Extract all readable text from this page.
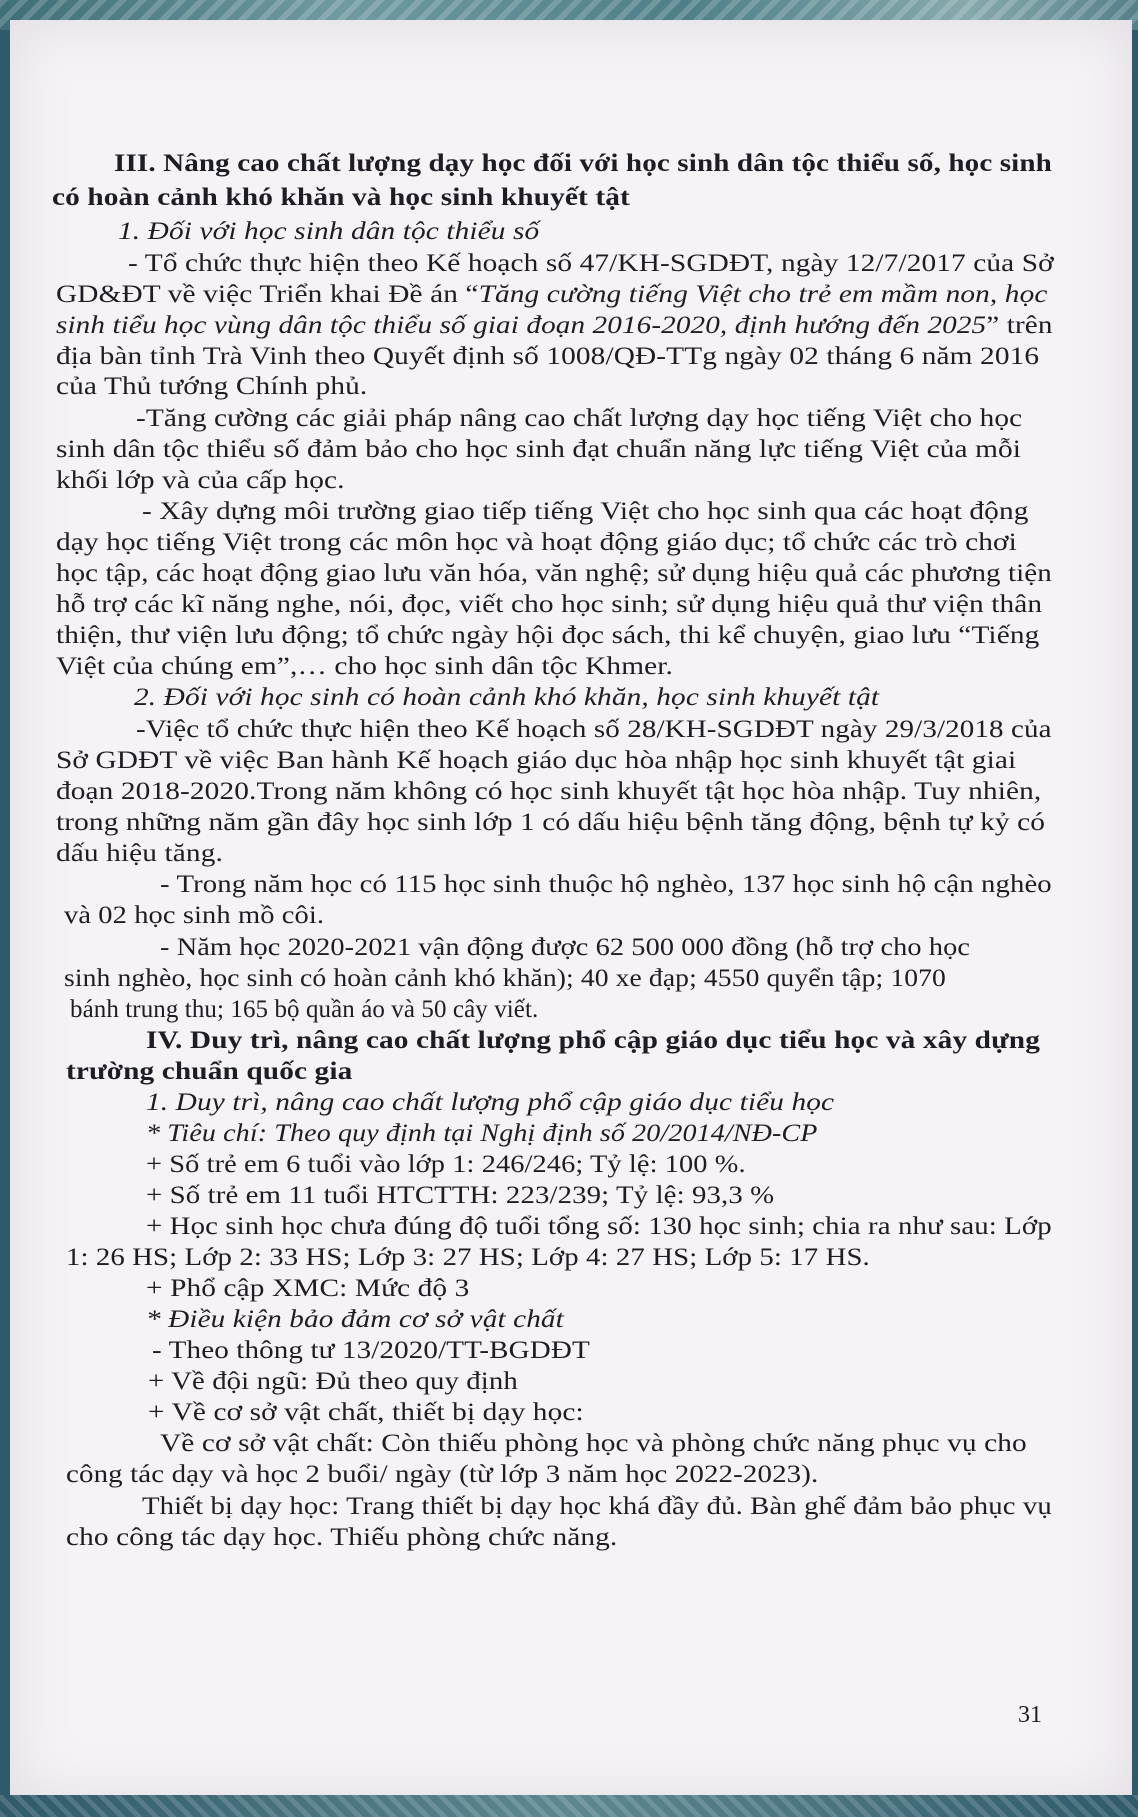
III. Nâng cao chất lượng dạy học đối với học sinh dân tộc thiểu số, học sinh
có hoàn cảnh khó khăn và học sinh khuyết tật
1. Đối với học sinh dân tộc thiểu số
- Tổ chức thực hiện theo Kế hoạch số 47/KH-SGDĐT, ngày 12/7/2017 của Sở
GD&ĐT về việc Triển khai Đề án “Tăng cường tiếng Việt cho trẻ em mầm non, học
sinh tiểu học vùng dân tộc thiểu số giai đoạn 2016-2020, định hướng đến 2025” trên
địa bàn tỉnh Trà Vinh theo Quyết định số 1008/QĐ-TTg ngày 02 tháng 6 năm 2016
của Thủ tướng Chính phủ.
-Tăng cường các giải pháp nâng cao chất lượng dạy học tiếng Việt cho học
sinh dân tộc thiểu số đảm bảo cho học sinh đạt chuẩn năng lực tiếng Việt của mỗi
khối lớp và của cấp học.
- Xây dựng môi trường giao tiếp tiếng Việt cho học sinh qua các hoạt động
dạy học tiếng Việt trong các môn học và hoạt động giáo dục; tổ chức các trò chơi
học tập, các hoạt động giao lưu văn hóa, văn nghệ; sử dụng hiệu quả các phương tiện
hỗ trợ các kĩ năng nghe, nói, đọc, viết cho học sinh; sử dụng hiệu quả thư viện thân
thiện, thư viện lưu động; tổ chức ngày hội đọc sách, thi kể chuyện, giao lưu “Tiếng
Việt của chúng em”,… cho học sinh dân tộc Khmer.
2. Đối với học sinh có hoàn cảnh khó khăn, học sinh khuyết tật
-Việc tổ chức thực hiện theo Kế hoạch số 28/KH-SGDĐT ngày 29/3/2018 của
Sở GDĐT về việc Ban hành Kế hoạch giáo dục hòa nhập học sinh khuyết tật giai
đoạn 2018-2020.Trong năm không có học sinh khuyết tật học hòa nhập. Tuy nhiên,
trong những năm gần đây học sinh lớp 1 có dấu hiệu bệnh tăng động, bệnh tự kỷ có
dấu hiệu tăng.
- Trong năm học có 115 học sinh thuộc hộ nghèo, 137 học sinh hộ cận nghèo
và 02 học sinh mồ côi.
- Năm học 2020-2021 vận động được 62 500 000 đồng (hỗ trợ cho học
sinh nghèo, học sinh có hoàn cảnh khó khăn); 40 xe đạp; 4550 quyển tập; 1070
bánh trung thu; 165 bộ quần áo và 50 cây viết.
IV. Duy trì, nâng cao chất lượng phổ cập giáo dục tiểu học và xây dựng
trường chuẩn quốc gia
1. Duy trì, nâng cao chất lượng phổ cập giáo dục tiểu học
* Tiêu chí: Theo quy định tại Nghị định số 20/2014/NĐ-CP
+ Số trẻ em 6 tuổi vào lớp 1: 246/246; Tỷ lệ: 100 %.
+ Số trẻ em 11 tuổi HTCTTH: 223/239; Tỷ lệ: 93,3 %
+ Học sinh học chưa đúng độ tuổi tổng số: 130 học sinh; chia ra như sau: Lớp
1: 26 HS; Lớp 2: 33 HS; Lớp 3: 27 HS; Lớp 4: 27 HS; Lớp 5: 17 HS.
+ Phổ cập XMC: Mức độ 3
* Điều kiện bảo đảm cơ sở vật chất
- Theo thông tư 13/2020/TT-BGDĐT
+ Về đội ngũ: Đủ theo quy định
+ Về cơ sở vật chất, thiết bị dạy học:
Về cơ sở vật chất: Còn thiếu phòng học và phòng chức năng phục vụ cho
công tác dạy và học 2 buổi/ ngày (từ lớp 3 năm học 2022-2023).
Thiết bị dạy học: Trang thiết bị dạy học khá đầy đủ. Bàn ghế đảm bảo phục vụ
cho công tác dạy học. Thiếu phòng chức năng.
31
